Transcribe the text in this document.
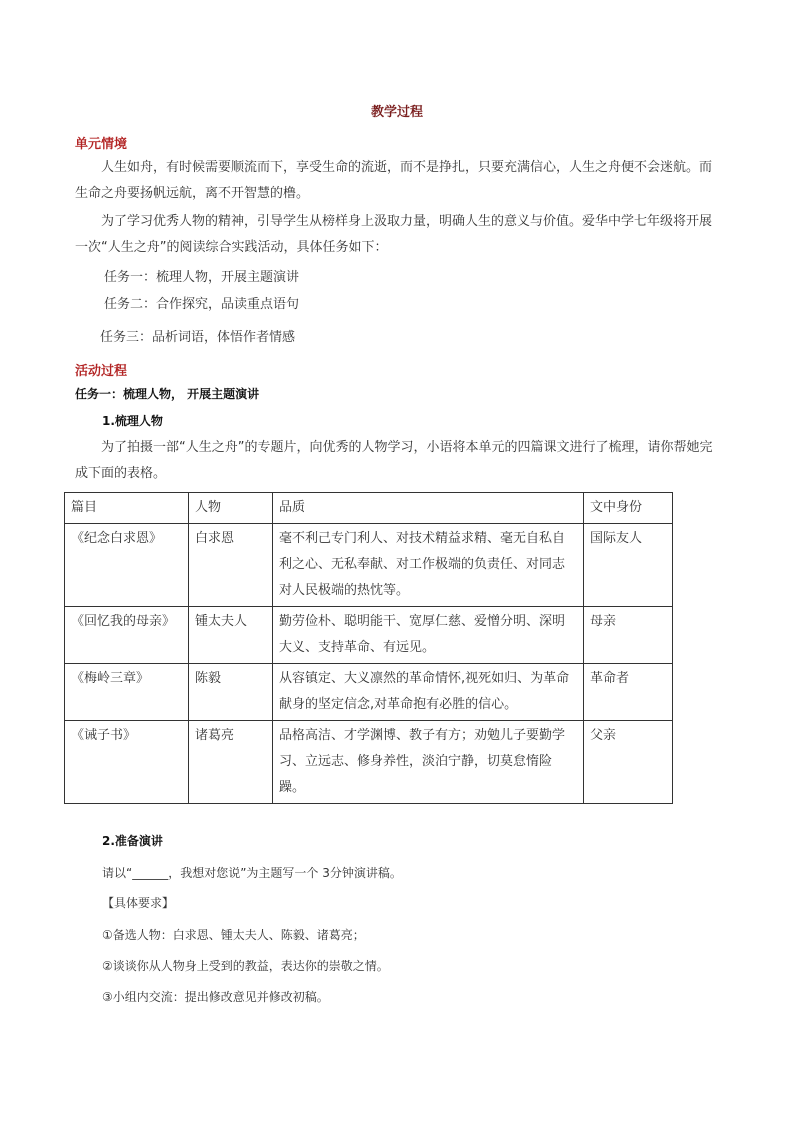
教学过程
单元情境
人生如舟，有时候需要顺流而下，享受生命的流逝，而不是挣扎，只要充满信心，人生之舟便不会迷航。而生命之舟要扬帆远航，离不开智慧的橹。
为了学习优秀人物的精神，引导学生从榜样身上汲取力量，明确人生的意义与价值。爱华中学七年级将开展一次“人生之舟”的阅读综合实践活动，具体任务如下：
任务一：梳理人物，开展主题演讲
任务二：合作探究，品读重点语句
任务三：品析词语，体悟作者情感
活动过程
任务一：梳理人物， 开展主题演讲
1.梳理人物
为了拍摄一部“人生之舟”的专题片，向优秀的人物学习，小语将本单元的四篇课文进行了梳理，请你帮她完成下面的表格。
篇目	人物	品质	文中身份
《纪念白求恩》	白求恩	毫不利己专门利人、对技术精益求精、毫无自私自利之心、无私奉献、对工作极端的负责任、对同志对人民极端的热忱等。	国际友人
《回忆我的母亲》	锺太夫人	勤劳俭朴、聪明能干、宽厚仁慈、爱憎分明、深明大义、支持革命、有远见。	母亲
《梅岭三章》	陈毅	从容镇定、大义凛然的革命情怀,视死如归、为革命献身的坚定信念,对革命抱有必胜的信心。	革命者
《诫子书》	诸葛亮	品格高洁、才学渊博、教子有方；劝勉儿子要勤学习、立远志、修身养性，淡泊宁静，切莫怠惰险躁。	父亲
2.准备演讲
请以“______，我想对您说”为主题写一个 3分钟演讲稿。
【具体要求】
①备选人物：白求恩、锺太夫人、陈毅、诸葛亮；
②谈谈你从人物身上受到的教益，表达你的崇敬之情。
③小组内交流：提出修改意见并修改初稿。
